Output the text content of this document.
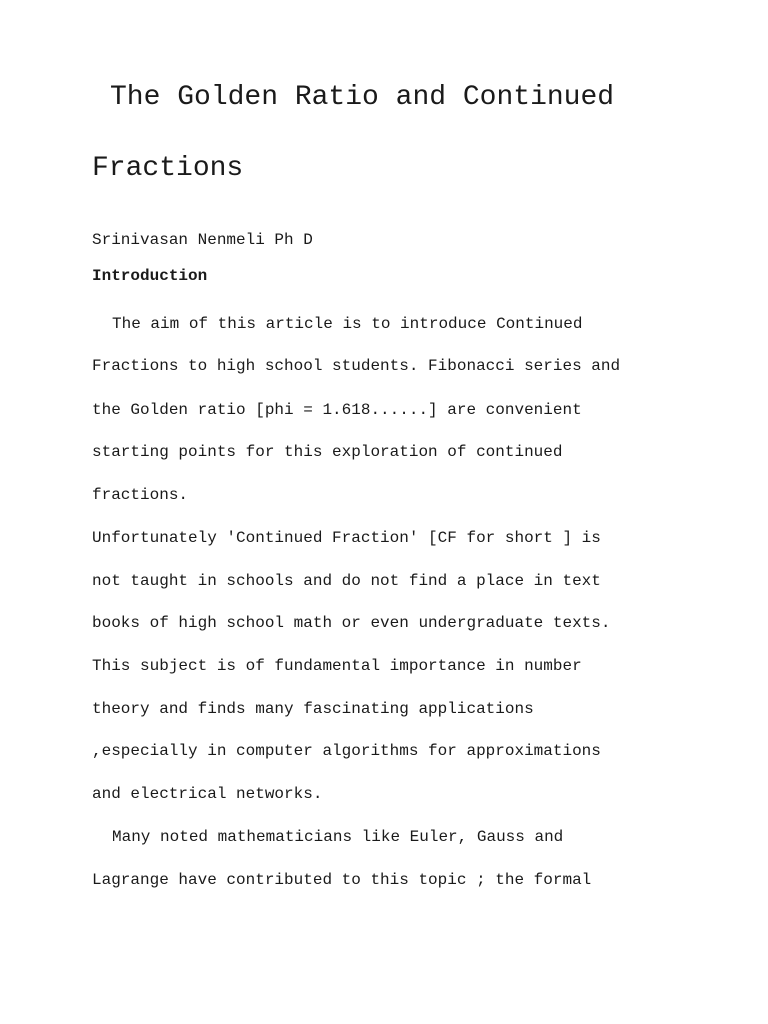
The Golden Ratio and Continued
Fractions
Srinivasan Nenmeli Ph D
Introduction
The aim of this article is to introduce Continued
Fractions to high school students. Fibonacci series and
the Golden ratio [phi = 1.618......] are convenient
starting points for this exploration of continued
fractions.
Unfortunately 'Continued Fraction' [CF for short ] is
not taught in schools and do not find a place in text
books of high school math or even undergraduate texts.
This subject is of fundamental importance in number
theory and finds many fascinating applications
,especially in computer algorithms for approximations
and electrical networks.
Many noted mathematicians like Euler, Gauss and
Lagrange have contributed to this topic ; the formal
